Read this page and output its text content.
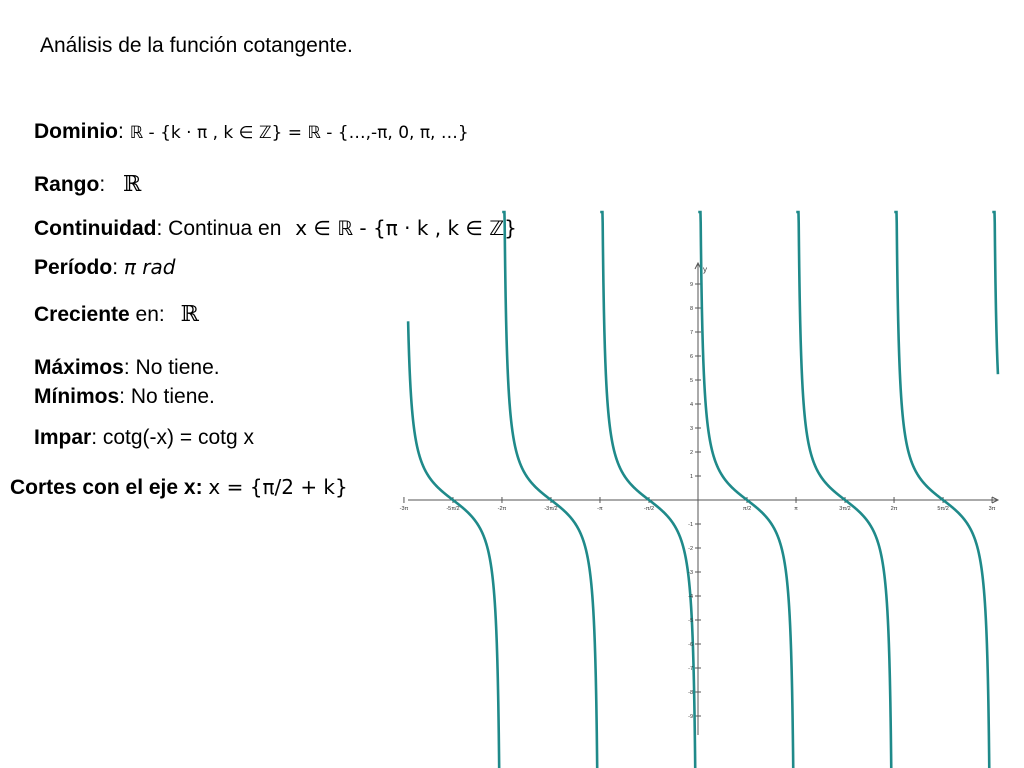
Análisis de la función cotangente.
Dominio: ℝ - {k · π , k ∈ ℤ} = ℝ - {…,-π, 0, π, …}
Rango: ℝ
Continuidad: Continua en x ∈ ℝ - {π · k , k ∈ ℤ}
Período: π rad
Creciente en: ℝ
Máximos: No tiene.
Mínimos: No tiene.
Impar: cotg(-x) = cotg x
Cortes con el eje x: x = {π/2 + k}
y
-3π	-5π/2	-2π	-3π/2	-π	-π/2	π/2	π	3π/2	2π	5π/2	3π
9
8
7
6
5
4
3
2
1
-1
-2
-3
-4
-5
-6
-7
-8
-9
